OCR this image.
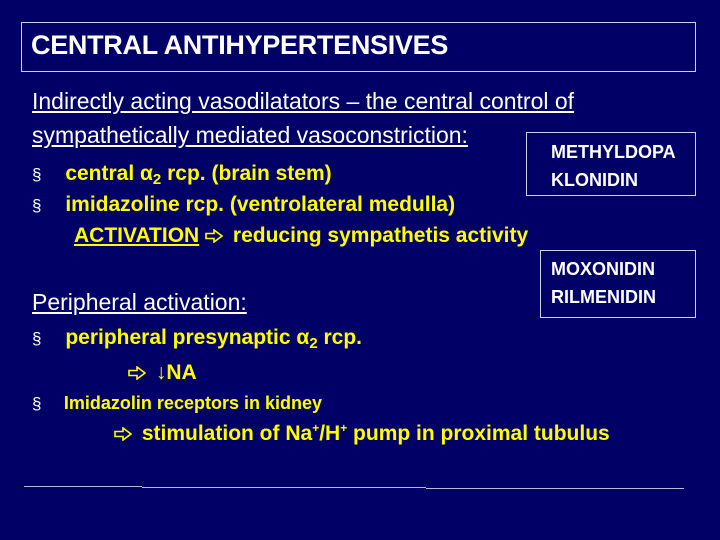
CENTRAL ANTIHYPERTENSIVES
Indirectly acting vasodilatators – the central control of
sympathetically mediated vasoconstriction:
§ central $\alpha_2$ rcp. (brain stem)
§ imidazoline rcp. (ventrolateral medulla)
ACTIVATION reducing sympathetis activity
METHYLDOPA
KLONIDIN
MOXONIDIN
RILMENIDIN
Peripheral activation:
§ peripheral presynaptic $\alpha_2$ rcp.
↓NA
§ Imidazolin receptors in kidney
stimulation of Na+/H+ pump in proximal tubulus
